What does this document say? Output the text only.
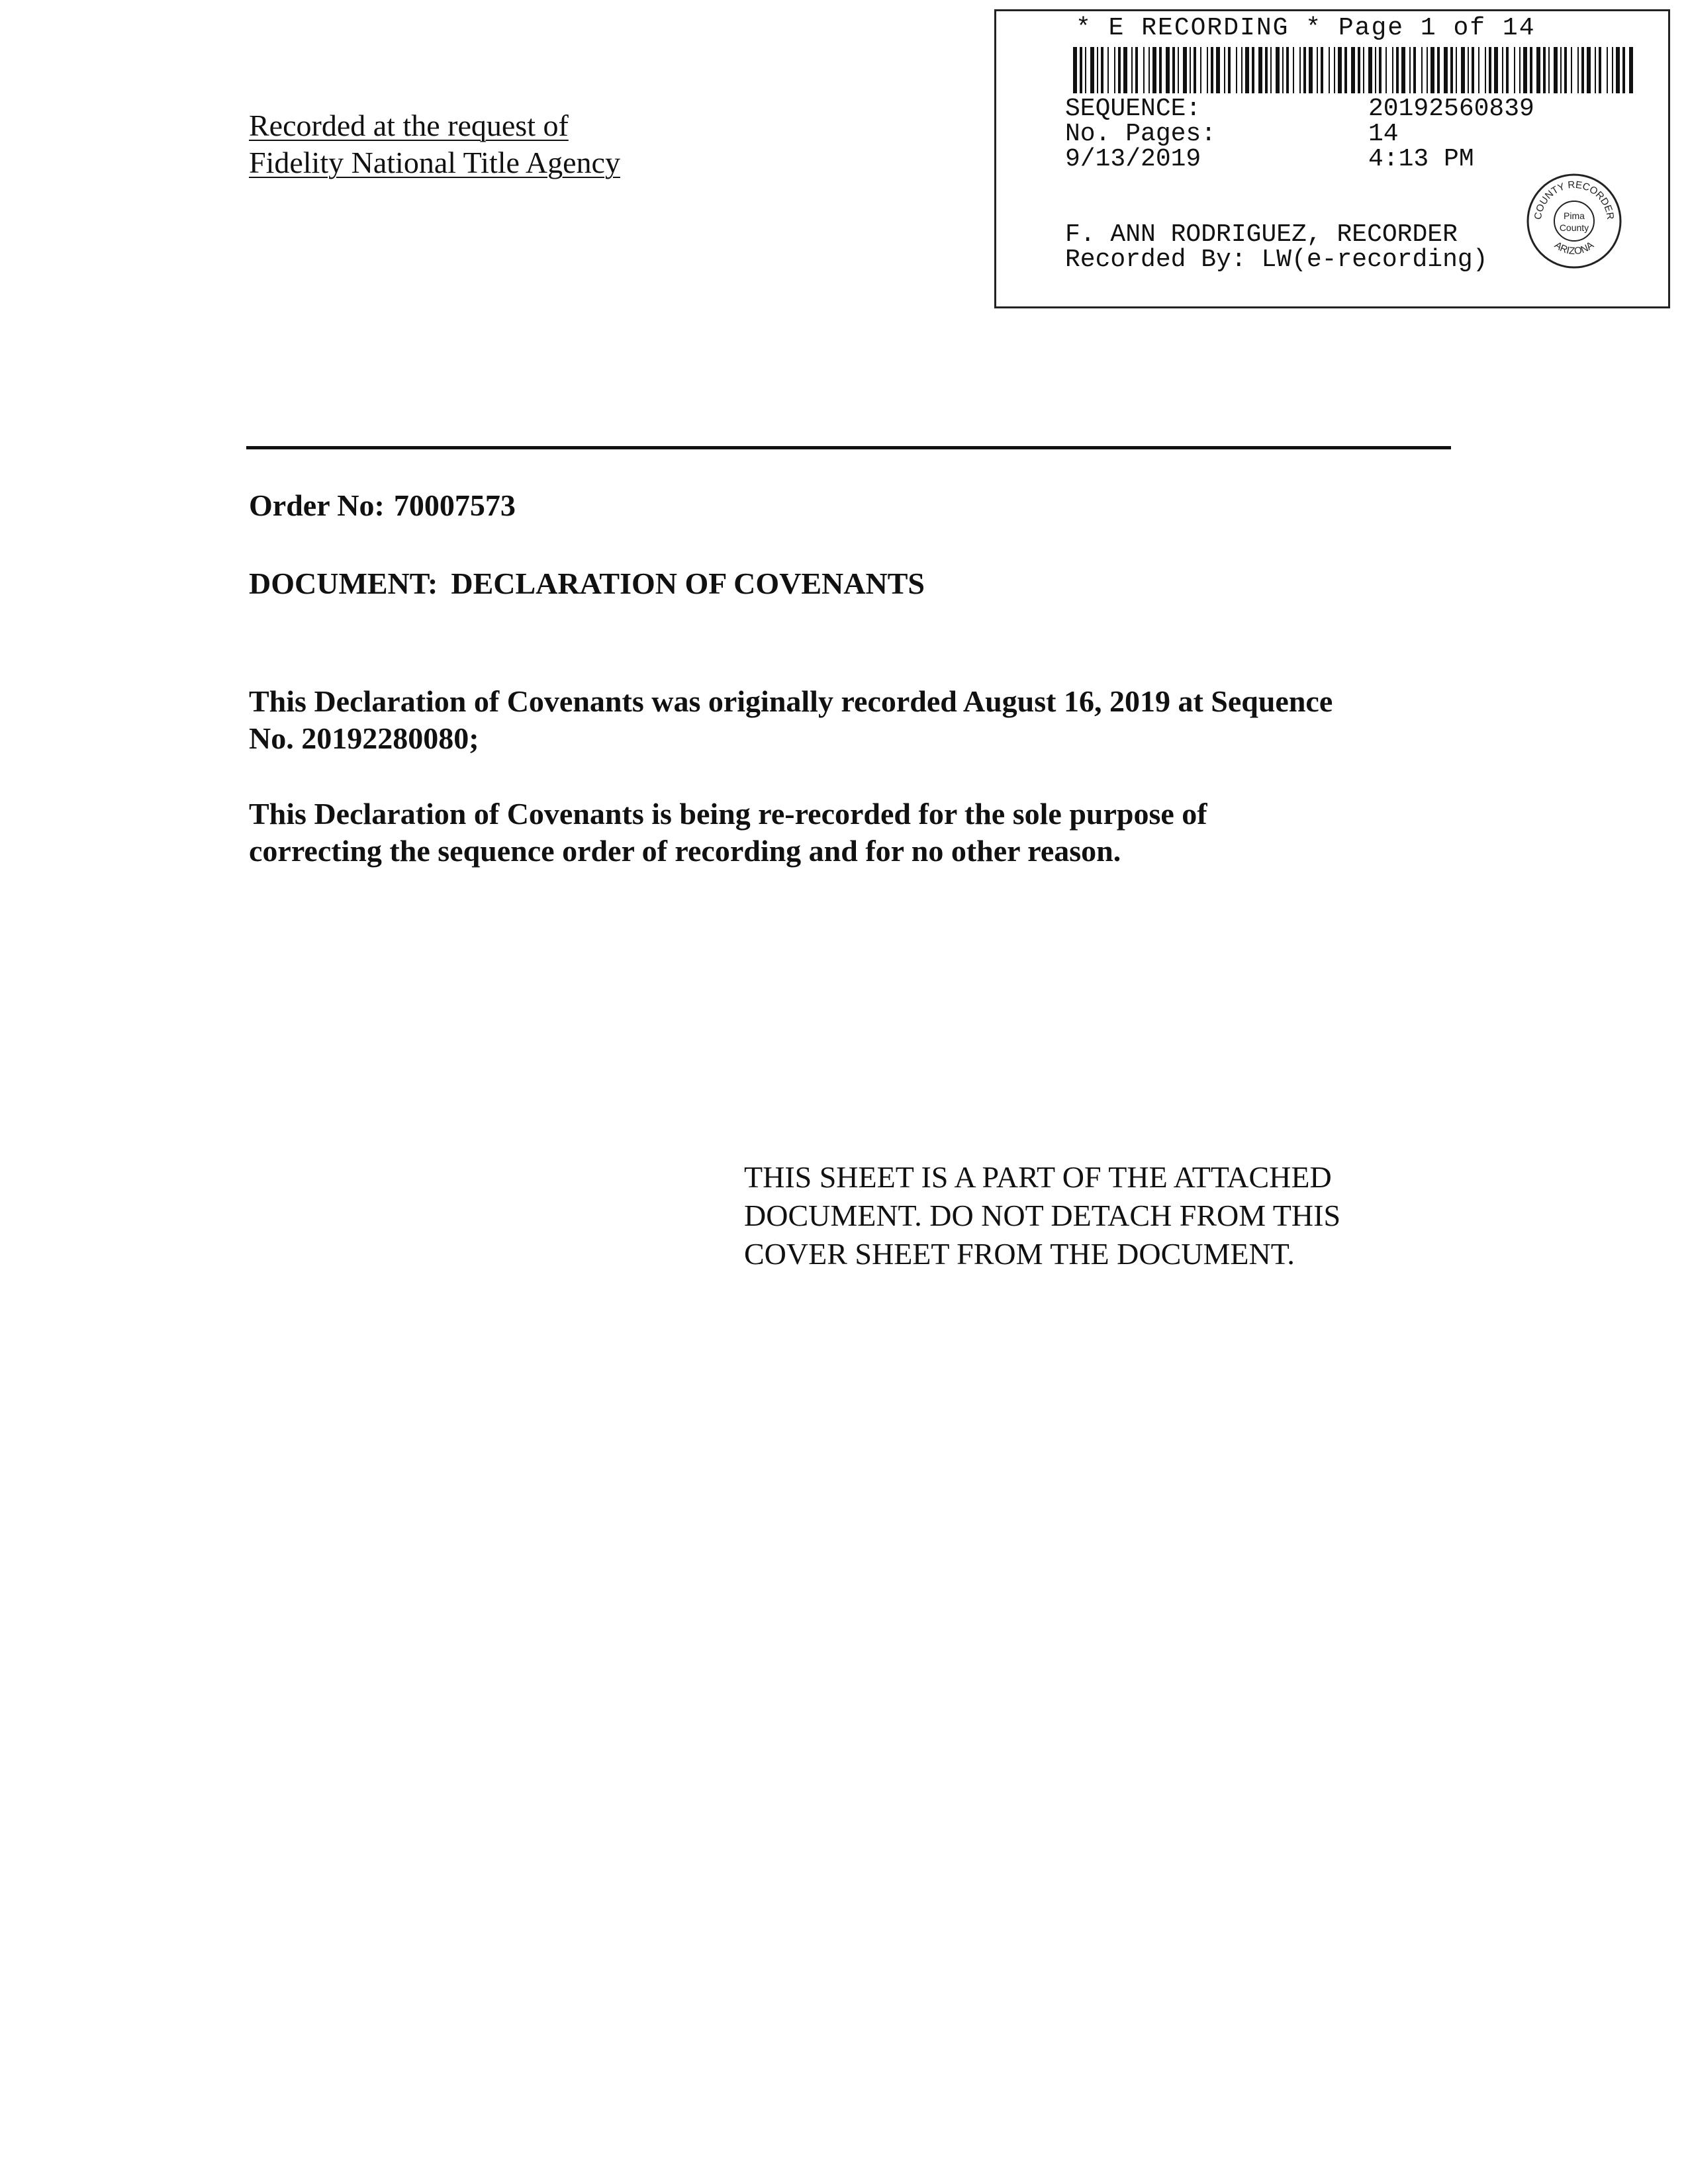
Recorded at the request of
Fidelity National Title Agency
* E RECORDING * Page 1 of 14
SEQUENCE:	20192560839
No. Pages:	14
9/13/2019	4:13 PM
F. ANN RODRIGUEZ, RECORDER
Recorded By: LW(e-recording)
COUNTY RECORDER
ARIZONA
Pima
County
Order No: 70007573
DOCUMENT: DECLARATION OF COVENANTS
This Declaration of Covenants was originally recorded August 16, 2019 at Sequence
No. 20192280080;
This Declaration of Covenants is being re-recorded for the sole purpose of
correcting the sequence order of recording and for no other reason.
THIS SHEET IS A PART OF THE ATTACHED
DOCUMENT. DO NOT DETACH FROM THIS
COVER SHEET FROM THE DOCUMENT.
